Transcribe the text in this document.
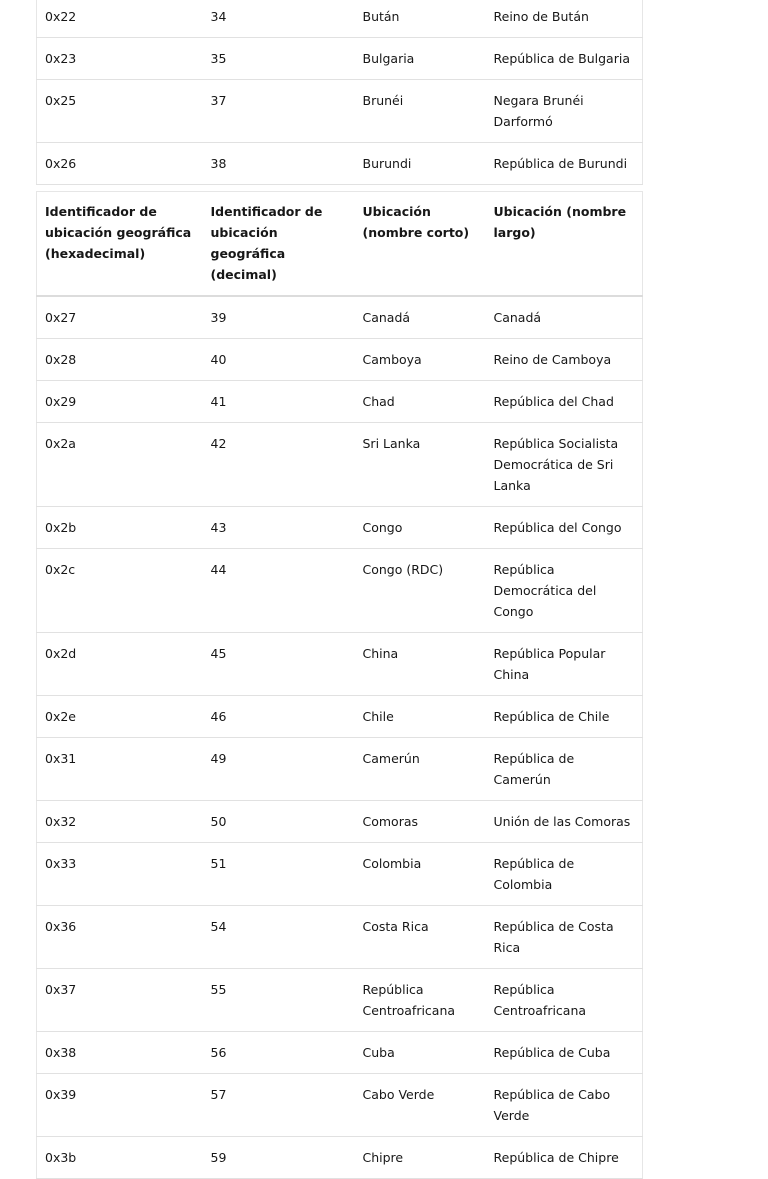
0x22	34	Bután	Reino de Bután
0x23	35	Bulgaria	República de Bulgaria
0x25	37	Brunéi	Negara Brunéi Darformó
0x26	38	Burundi	República de Burundi
Identificador de ubicación geográfica (hexadecimal)	Identificador de ubicación geográfica (decimal)	Ubicación (nombre corto)	Ubicación (nombre largo)
0x27	39	Canadá	Canadá
0x28	40	Camboya	Reino de Camboya
0x29	41	Chad	República del Chad
0x2a	42	Sri Lanka	República Socialista Democrática de Sri Lanka
0x2b	43	Congo	República del Congo
0x2c	44	Congo (RDC)	República Democrática del Congo
0x2d	45	China	República Popular China
0x2e	46	Chile	República de Chile
0x31	49	Camerún	República de Camerún
0x32	50	Comoras	Unión de las Comoras
0x33	51	Colombia	República de Colombia
0x36	54	Costa Rica	República de Costa Rica
0x37	55	República Centroafricana	República Centroafricana
0x38	56	Cuba	República de Cuba
0x39	57	Cabo Verde	República de Cabo Verde
0x3b	59	Chipre	República de Chipre
